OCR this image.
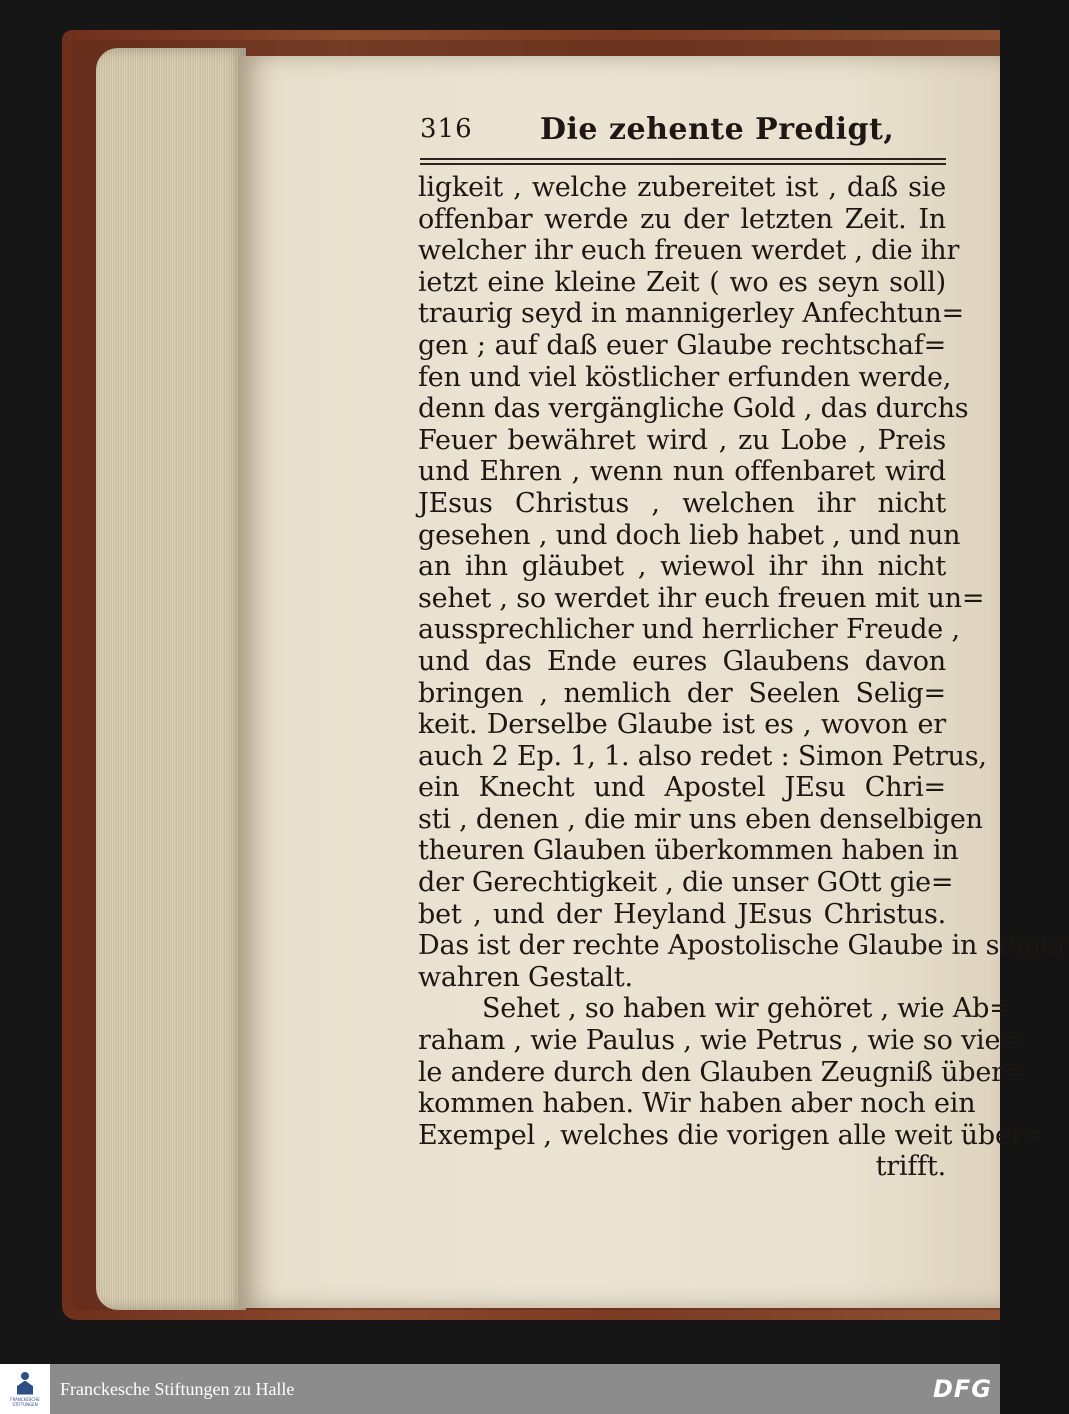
316 Die zehente Predigt,
ligkeit , welche zubereitet ist , daß sie
offenbar werde zu der letzten Zeit. In
welcher ihr euch freuen werdet , die ihr
ietzt eine kleine Zeit ( wo es seyn soll)
traurig seyd in mannigerley Anfechtun=
gen ; auf daß euer Glaube rechtschaf=
fen und viel köstlicher erfunden werde,
denn das vergängliche Gold , das durchs
Feuer bewähret wird , zu Lobe , Preis
und Ehren , wenn nun offenbaret wird
JEsus Christus , welchen ihr nicht
gesehen , und doch lieb habet , und nun
an ihn gläubet , wiewol ihr ihn nicht
sehet , so werdet ihr euch freuen mit un=
aussprechlicher und herrlicher Freude ,
und das Ende eures Glaubens davon
bringen , nemlich der Seelen Selig=
keit. Derselbe Glaube ist es , wovon er
auch 2 Ep. 1, 1. also redet : Simon Petrus,
ein Knecht und Apostel JEsu Chri=
sti , denen , die mir uns eben denselbigen
theuren Glauben überkommen haben in
der Gerechtigkeit , die unser GOtt gie=
bet , und der Heyland JEsus Christus.
Das ist der rechte Apostolische Glaube in seiner
wahren Gestalt.
Sehet , so haben wir gehöret , wie Ab=
raham , wie Paulus , wie Petrus , wie so vie=
le andere durch den Glauben Zeugniß über=
kommen haben. Wir haben aber noch ein
Exempel , welches die vorigen alle weit über=
trifft.
FRANCKESCHE
STIFTUNGEN
Franckesche Stiftungen zu Halle	DFG
